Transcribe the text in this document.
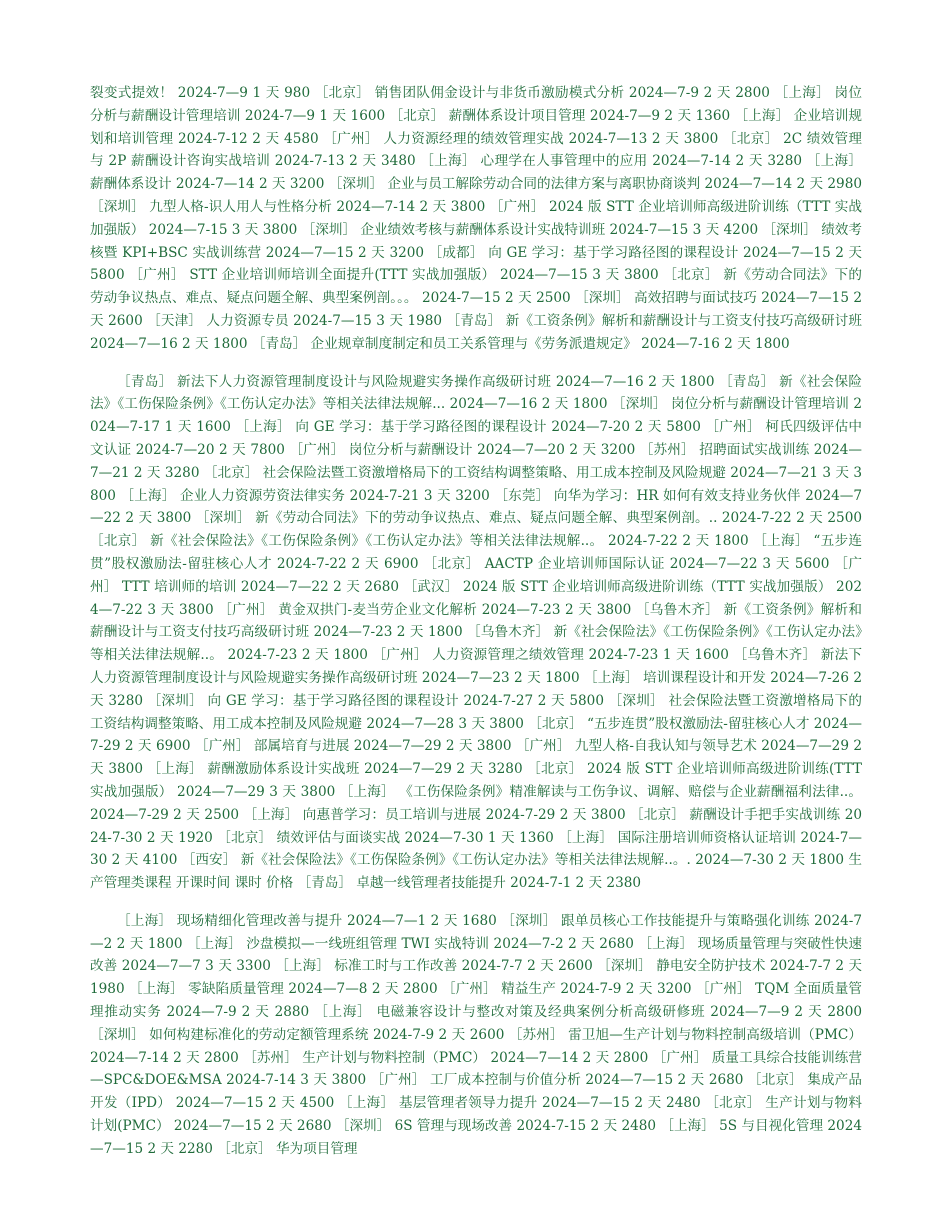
裂变式提效！ 2024-7—9 1 天 980 ［北京］ 销售团队佣金设计与非货币激励模式分析 2024—7-9 2 天 2800 ［上海］ 岗位分析与薪酬设计管理培训 2024-7—9 1 天 1600 ［北京］ 薪酬体系设计项目管理 2024-7—9 2 天 1360 ［上海］ 企业培训规划和培训管理 2024-7-12 2 天 4580 ［广州］ 人力资源经理的绩效管理实战 2024-7—13 2 天 3800 ［北京］ 2C 绩效管理与 2P 薪酬设计咨询实战培训 2024-7-13 2 天 3480 ［上海］ 心理学在人事管理中的应用 2024—7-14 2 天 3280 ［上海］ 薪酬体系设计 2024-7—14 2 天 3200 ［深圳］ 企业与员工解除劳动合同的法律方案与离职协商谈判 2024—7—14 2 天 2980 ［深圳］ 九型人格-识人用人与性格分析 2024—7-14 2 天 3800 ［广州］ 2024 版 STT 企业培训师高级进阶训练（TTT 实战加强版） 2024—7-15 3 天 3800 ［深圳］ 企业绩效考核与薪酬体系设计实战特训班 2024-7—15 3 天 4200 ［深圳］ 绩效考核暨 KPI+BSC 实战训练营 2024—7—15 2 天 3200 ［成都］ 向 GE 学习：基于学习路径图的课程设计 2024—7—15 2 天 5800 ［广州］ STT 企业培训师培训全面提升(TTT 实战加强版） 2024—7—15 3 天 3800 ［北京］ 新《劳动合同法》下的劳动争议热点、难点、疑点问题全解、典型案例剖。。。 2024-7—15 2 天 2500 ［深圳］ 高效招聘与面试技巧 2024—7—15 2 天 2600 ［天津］ 人力资源专员 2024-7—15 3 天 1980 ［青岛］ 新《工资条例》解析和薪酬设计与工资支付技巧高级研讨班 2024—7—16 2 天 1800 ［青岛］ 企业规章制度制定和员工关系管理与《劳务派遣规定》 2024—7-16 2 天 1800

［青岛］ 新法下人力资源管理制度设计与风险规避实务操作高级研讨班 2024—7—16 2 天 1800 ［青岛］ 新《社会保险法》《工伤保险条例》《工伤认定办法》等相关法律法规解... 2024—7—16 2 天 1800 ［深圳］ 岗位分析与薪酬设计管理培训 2024—7-17 1 天 1600 ［上海］ 向 GE 学习：基于学习路径图的课程设计 2024—7-20 2 天 5800 ［广州］ 柯氏四级评估中文认证 2024-7—20 2 天 7800 ［广州］ 岗位分析与薪酬设计 2024—7—20 2 天 3200 ［苏州］ 招聘面试实战训练 2024—7—21 2 天 3280 ［北京］ 社会保险法暨工资激增格局下的工资结构调整策略、用工成本控制及风险规避 2024—7—21 3 天 3800 ［上海］ 企业人力资源劳资法律实务 2024-7-21 3 天 3200 ［东莞］ 向华为学习：HR 如何有效支持业务伙伴 2024—7—22 2 天 3800 ［深圳］ 新《劳动合同法》下的劳动争议热点、难点、疑点问题全解、典型案例剖。.. 2024-7-22 2 天 2500 ［北京］ 新《社会保险法》《工伤保险条例》《工伤认定办法》等相关法律法规解..。 2024-7-22 2 天 1800 ［上海］ “五步连贯”股权激励法-留驻核心人才 2024-7-22 2 天 6900 ［北京］ AACTP 企业培训师国际认证 2024—7—22 3 天 5600 ［广州］ TTT 培训师的培训 2024—7—22 2 天 2680 ［武汉］ 2024 版 STT 企业培训师高级进阶训练（TTT 实战加强版） 2024—7-22 3 天 3800 ［广州］ 黄金双拱门-麦当劳企业文化解析 2024—7-23 2 天 3800 ［乌鲁木齐］ 新《工资条例》解析和薪酬设计与工资支付技巧高级研讨班 2024—7-23 2 天 1800 ［乌鲁木齐］ 新《社会保险法》《工伤保险条例》《工伤认定办法》等相关法律法规解..。 2024-7-23 2 天 1800 ［广州］ 人力资源管理之绩效管理 2024-7-23 1 天 1600 ［乌鲁木齐］ 新法下人力资源管理制度设计与风险规避实务操作高级研讨班 2024—7—23 2 天 1800 ［上海］ 培训课程设计和开发 2024—7-26 2 天 3280 ［深圳］ 向 GE 学习：基于学习路径图的课程设计 2024-7-27 2 天 5800 ［深圳］ 社会保险法暨工资激增格局下的工资结构调整策略、用工成本控制及风险规避 2024—7—28 3 天 3800 ［北京］ “五步连贯”股权激励法-留驻核心人才 2024—7-29 2 天 6900 ［广州］ 部属培育与进展 2024—7—29 2 天 3800 ［广州］ 九型人格-自我认知与领导艺术 2024—7—29 2 天 3800 ［上海］ 薪酬激励体系设计实战班 2024—7—29 2 天 3280 ［北京］ 2024 版 STT 企业培训师高级进阶训练(TTT 实战加强版） 2024—7—29 3 天 3800 ［上海］ 《工伤保险条例》精准解读与工伤争议、调解、赔偿与企业薪酬福利法律..。 2024—7-29 2 天 2500 ［上海］ 向惠普学习：员工培训与进展 2024-7-29 2 天 3800 ［北京］ 薪酬设计手把手实战训练 2024-7-30 2 天 1920 ［北京］ 绩效评估与面谈实战 2024—7-30 1 天 1360 ［上海］ 国际注册培训师资格认证培训 2024-7—30 2 天 4100 ［西安］ 新《社会保险法》《工伤保险条例》《工伤认定办法》等相关法律法规解..。. 2024—7-30 2 天 1800 生产管理类课程 开课时间 课时 价格 ［青岛］ 卓越一线管理者技能提升 2024-7-1 2 天 2380

［上海］ 现场精细化管理改善与提升 2024—7—1 2 天 1680 ［深圳］ 跟单员核心工作技能提升与策略强化训练 2024-7—2 2 天 1800 ［上海］ 沙盘模拟—一线班组管理 TWI 实战特训 2024—7-2 2 天 2680 ［上海］ 现场质量管理与突破性快速改善 2024—7—7 3 天 3300 ［上海］ 标准工时与工作改善 2024-7-7 2 天 2600 ［深圳］ 静电安全防护技术 2024-7-7 2 天 1980 ［上海］ 零缺陷质量管理 2024—7—8 2 天 2800 ［广州］ 精益生产 2024-7-9 2 天 3200 ［广州］ TQM 全面质量管理推动实务 2024—7-9 2 天 2880 ［上海］ 电磁兼容设计与整改对策及经典案例分析高级研修班 2024—7—9 2 天 2800 ［深圳］ 如何构建标准化的劳动定额管理系统 2024-7-9 2 天 2600 ［苏州］ 雷卫旭—生产计划与物料控制高级培训（PMC） 2024—7-14 2 天 2800 ［苏州］ 生产计划与物料控制（PMC） 2024—7—14 2 天 2800 ［广州］ 质量工具综合技能训练营—SPC&DOE&MSA 2024-7-14 3 天 3800 ［广州］ 工厂成本控制与价值分析 2024—7—15 2 天 2680 ［北京］ 集成产品开发（IPD） 2024—7—15 2 天 4500 ［上海］ 基层管理者领导力提升 2024—7—15 2 天 2480 ［北京］ 生产计划与物料计划(PMC） 2024—7—15 2 天 2680 ［深圳］ 6S 管理与现场改善 2024-7-15 2 天 2480 ［上海］ 5S 与目视化管理 2024—7—15 2 天 2280 ［北京］ 华为项目管理
